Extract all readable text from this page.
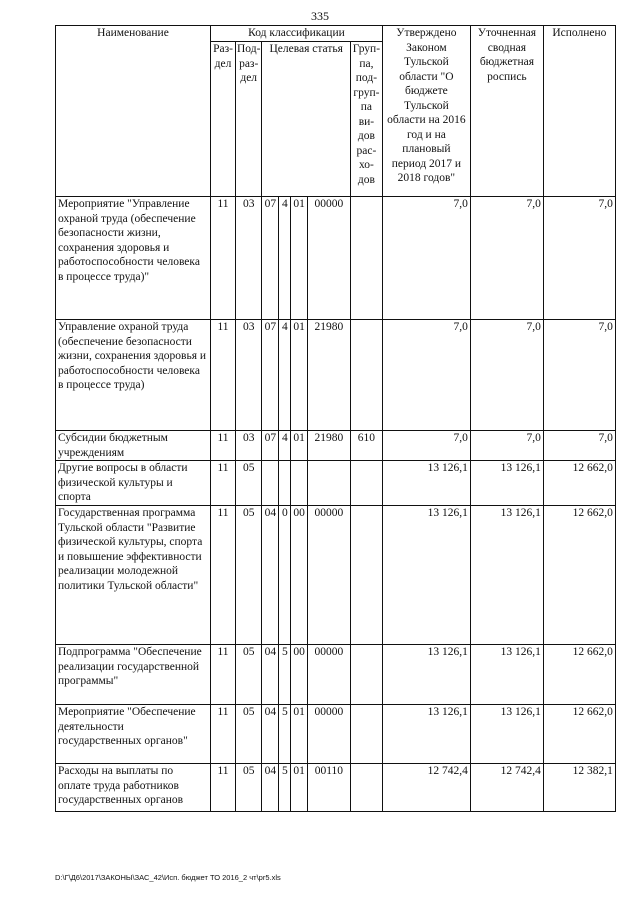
335
Наименование	Код классификации							Утверждено Законом Тульской области "О бюджете Тульской области на 2016 год и на плановый период 2017 и 2018 годов"	Уточненная сводная бюджетная роспись	Исполнено
	Раз- дел	Под- раз- дел	Целевая статья				Груп- па, под- груп- па ви- дов рас- хо- дов			
Мероприятие "Управление охраной труда (обеспечение безопасности жизни, сохранения здоровья и работоспособности человека в процессе труда)"	11	03	07	4	01	00000		7,0	7,0	7,0
Управление охраной труда (обеспечение безопасности жизни, сохранения здоровья и работоспособности человека в процессе труда)	11	03	07	4	01	21980		7,0	7,0	7,0
Субсидии бюджетным учреждениям	11	03	07	4	01	21980	610	7,0	7,0	7,0
Другие вопросы в области физической культуры и спорта	11	05						13 126,1	13 126,1	12 662,0
Государственная программа Тульской области "Развитие физической культуры, спорта и повышение эффективности реализации молодежной политики Тульской области"	11	05	04	0	00	00000		13 126,1	13 126,1	12 662,0
Подпрограмма "Обеспечение реализации государственной программы"	11	05	04	5	00	00000		13 126,1	13 126,1	12 662,0
Мероприятие "Обеспечение деятельности государственных органов"	11	05	04	5	01	00000		13 126,1	13 126,1	12 662,0
Расходы на выплаты по оплате труда работников государственных органов	11	05	04	5	01	00110		12 742,4	12 742,4	12 382,1
D:\Г\Д6\2017\ЗАКОНЫ\ЗАС_42\Исп. бюджет ТО 2016_2 чт\pr5.xls
